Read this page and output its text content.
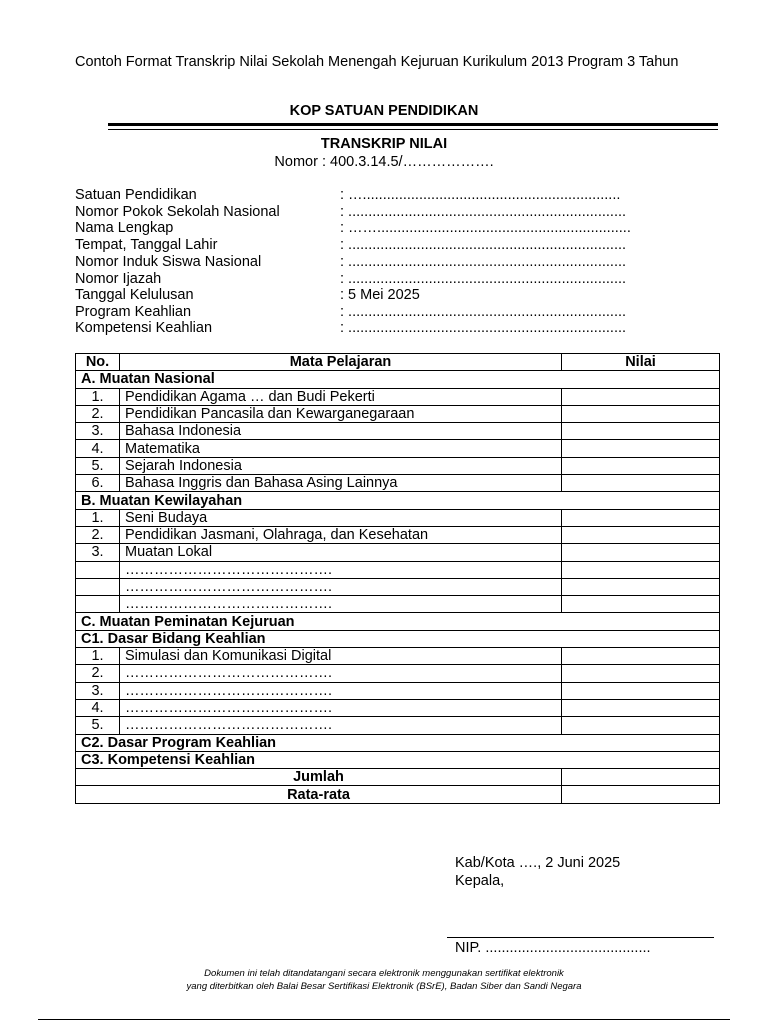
Contoh Format Transkrip Nilai Sekolah Menengah Kejuruan Kurikulum 2013 Program 3 Tahun
KOP SATUAN PENDIDIKAN
TRANSKRIP NILAI
Nomor : 400.3.14.5/……………….
Satuan Pendidikan	: …................................................................
Nomor Pokok Sekolah Nasional	: .....................................................................
Nama Lengkap	: ……...............................................................
Tempat, Tanggal Lahir	: .....................................................................
Nomor Induk Siswa Nasional	: .....................................................................
Nomor Ijazah	: .....................................................................
Tanggal Kelulusan	: 5 Mei 2025
Program Keahlian	: .....................................................................
Kompetensi Keahlian	: .....................................................................
No.	Mata Pelajaran	Nilai
A. Muatan Nasional		
1.	Pendidikan Agama … dan Budi Pekerti	
2.	Pendidikan Pancasila dan Kewarganegaraan	
3.	Bahasa Indonesia	
4.	Matematika	
5.	Sejarah Indonesia	
6.	Bahasa Inggris dan Bahasa Asing Lainnya	
B. Muatan Kewilayahan		
1.	Seni Budaya	
2.	Pendidikan Jasmani, Olahraga, dan Kesehatan	
3.	Muatan Lokal	
	…………………………………….	
	…………………………………….	
	…………………………………….	
C. Muatan Peminatan Kejuruan		
C1. Dasar Bidang Keahlian		
1.	Simulasi dan Komunikasi Digital	
2.	…………………………………….	
3.	…………………………………….	
4.	…………………………………….	
5.	…………………………………….	
C2. Dasar Program Keahlian		
C3. Kompetensi Keahlian		
Jumlah		
Rata-rata		
Kab/Kota …., 2 Juni 2025
Kepala,
NIP. .........................................
Dokumen ini telah ditandatangani secara elektronik menggunakan sertifikat elektronik
yang diterbitkan oleh Balai Besar Sertifikasi Elektronik (BSrE), Badan Siber dan Sandi Negara
